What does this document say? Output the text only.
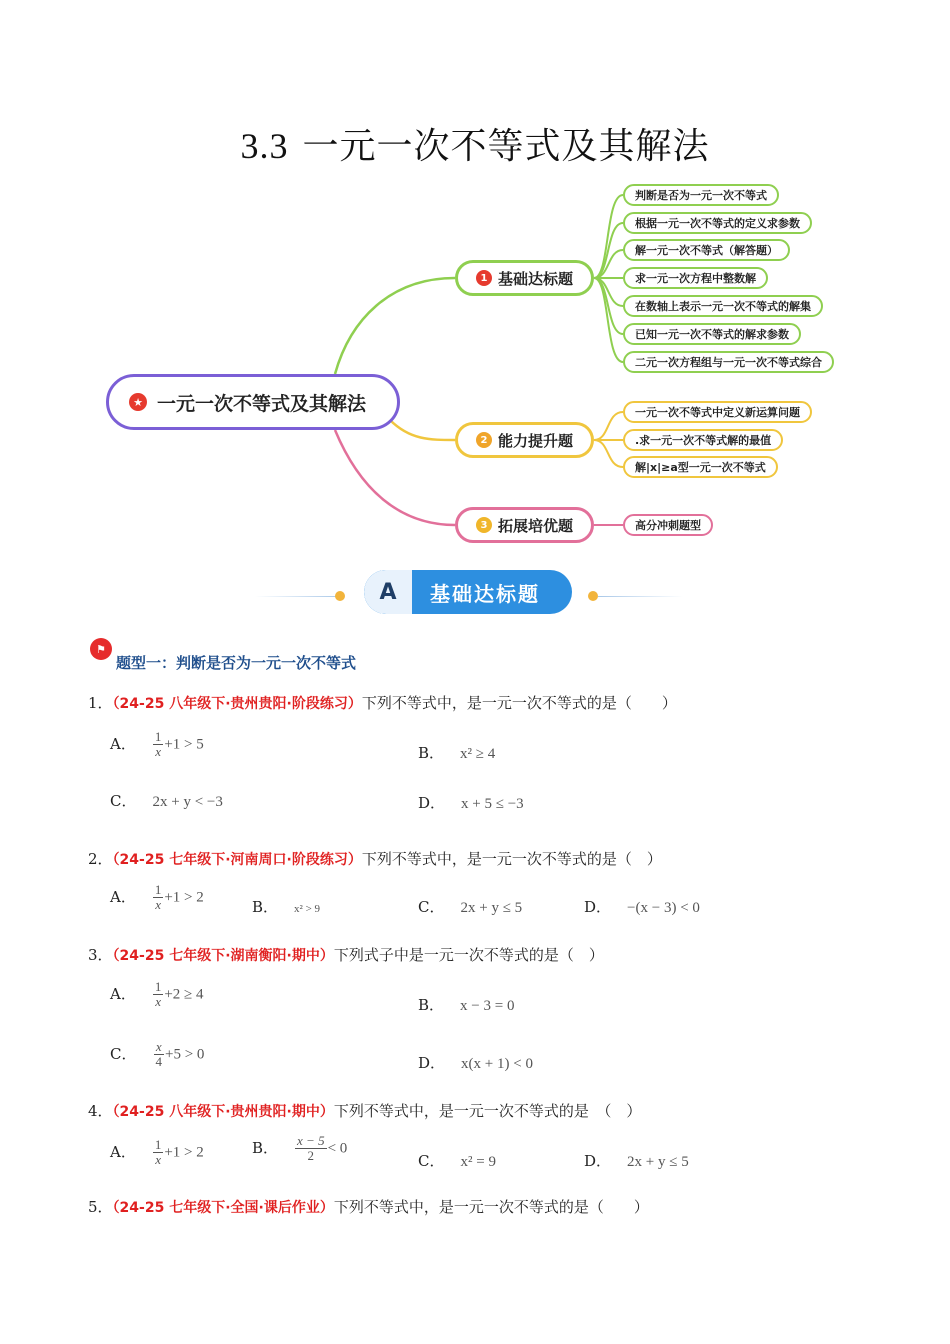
3.3 一元一次不等式及其解法
★ 一元一次不等式及其解法
1 基础达标题
判断是否为一元一次不等式
根据一元一次不等式的定义求参数
解一元一次不等式（解答题）
求一元一次方程中整数解
在数轴上表示一元一次不等式的解集
已知一元一次不等式的解求参数
二元一次方程组与一元一次不等式综合
2 能力提升题
一元一次不等式中定义新运算问题
.求一元一次不等式解的最值
解|x|≥a型一元一次不等式
3 拓展培优题	高分冲刺题型
A	基础达标题
⚑
题型一：判断是否为一元一次不等式
1．（24-25 八年级下·贵州贵阳·阶段练习）下列不等式中，是一元一次不等式的是（　　）
A． $\frac{1}{x} +1 > 5$	B． x² ≥ 4
C． 2x + y < −3	D． x + 5 ≤ −3
2．（24-25 七年级下·河南周口·阶段练习）下列不等式中，是一元一次不等式的是（　）
A． $\frac{1}{x} +1 > 2$
B． x² > 9	C． 2x + y ≤ 5	D． −(x − 3) < 0
3．（24-25 七年级下·湖南衡阳·期中）下列式子中是一元一次不等式的是（　）
A． $\frac{1}{x} +2 \ge 4$
B． x − 3 = 0
C． $\frac{x}{4} +5 > 0$	D． x(x + 1) < 0
4．（24-25 八年级下·贵州贵阳·期中）下列不等式中，是一元一次不等式的是　（　）
A． $\frac{1}{x} +1 > 2$	B． $\frac{x - 5}{2} < 0$
C． x² = 9	D． 2x + y ≤ 5
5．（24-25 七年级下·全国·课后作业）下列不等式中，是一元一次不等式的是（　　）
